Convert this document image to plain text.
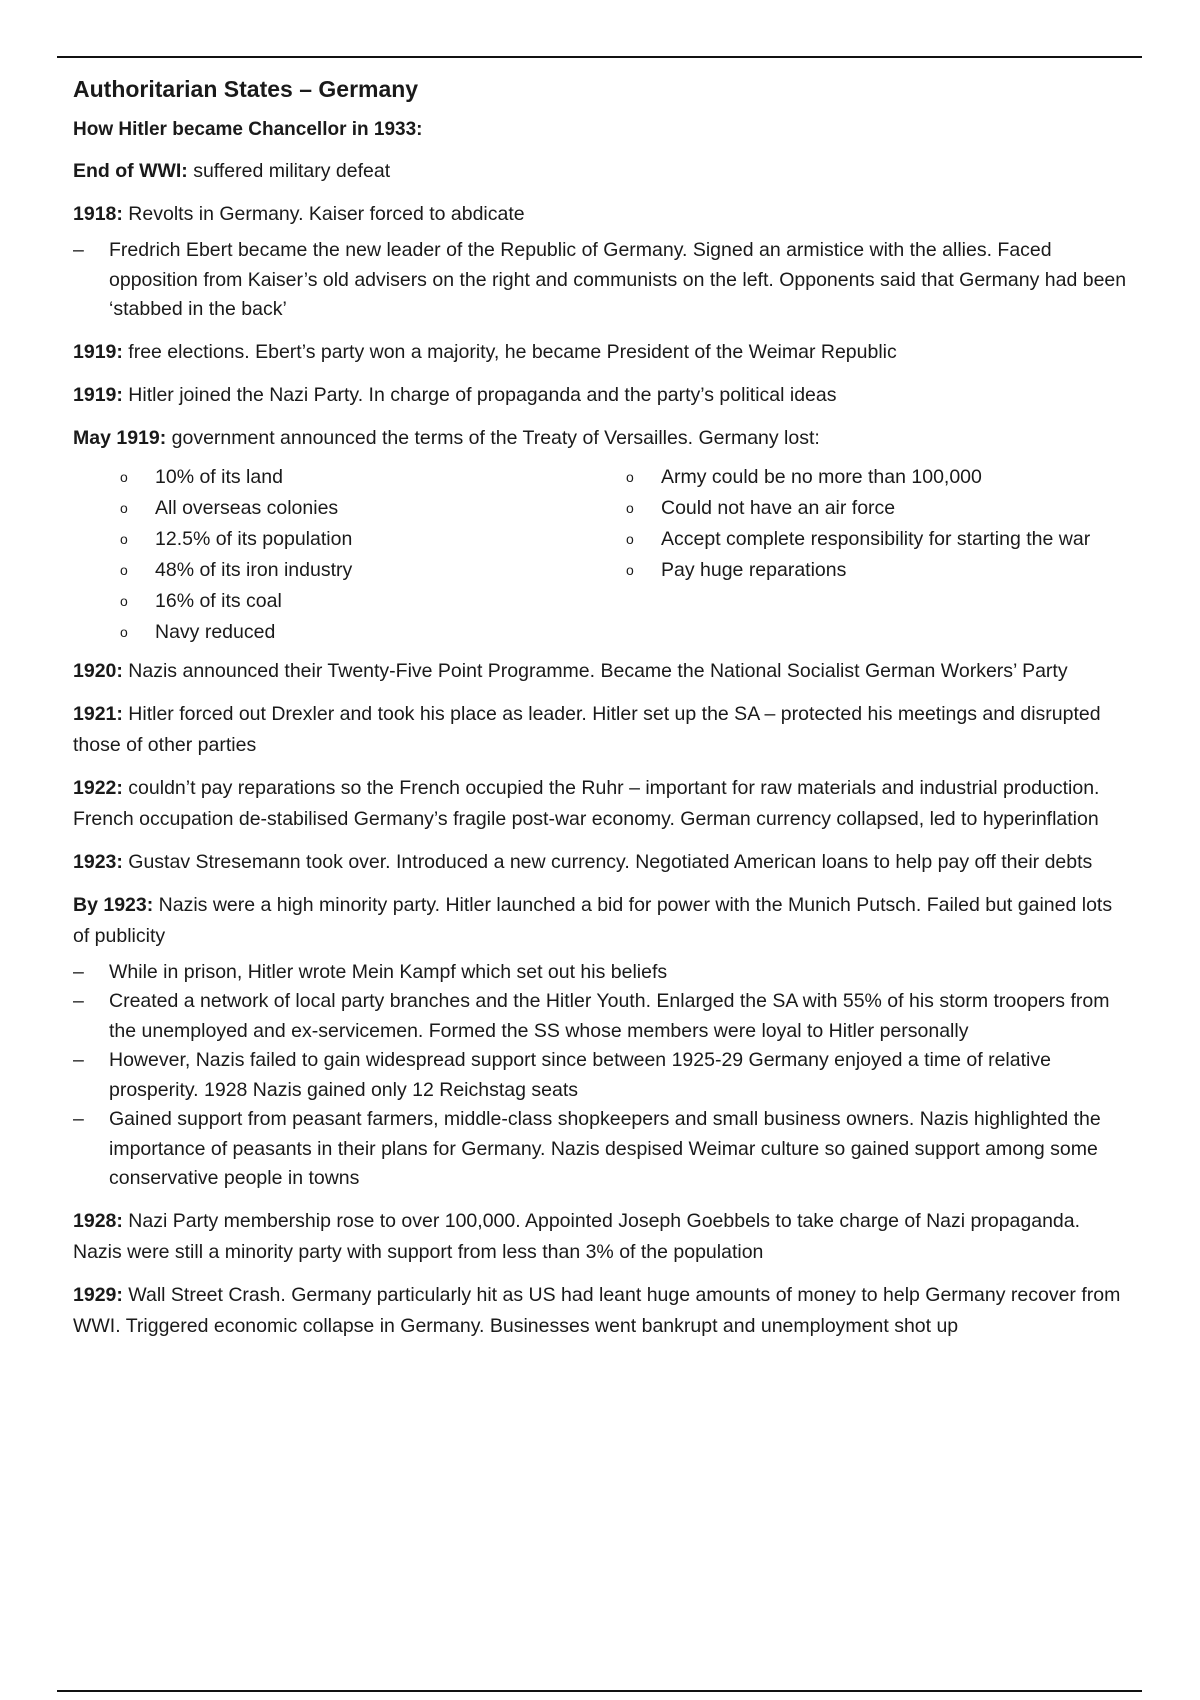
Authoritarian States – Germany
How Hitler became Chancellor in 1933:

End of WWI: suffered military defeat

1918: Revolts in Germany. Kaiser forced to abdicate

–	Fredrich Ebert became the new leader of the Republic of Germany. Signed an armistice with the allies. Faced opposition from Kaiser’s old advisers on the right and communists on the left. Opponents said that Germany had been ‘stabbed in the back’

1919: free elections. Ebert’s party won a majority, he became President of the Weimar Republic

1919: Hitler joined the Nazi Party. In charge of propaganda and the party’s political ideas

May 1919: government announced the terms of the Treaty of Versailles. Germany lost:

o 10% of its land
o All overseas colonies
o 12.5% of its population
o 48% of its iron industry
o 16% of its coal
o Navy reduced
o Army could be no more than 100,000
o Could not have an air force
o Accept complete responsibility for starting the war
o Pay huge reparations

1920: Nazis announced their Twenty-Five Point Programme. Became the National Socialist German Workers’ Party

1921: Hitler forced out Drexler and took his place as leader. Hitler set up the SA – protected his meetings and disrupted those of other parties

1922: couldn’t pay reparations so the French occupied the Ruhr – important for raw materials and industrial production. French occupation de-stabilised Germany’s fragile post-war economy. German currency collapsed, led to hyperinflation

1923: Gustav Stresemann took over. Introduced a new currency. Negotiated American loans to help pay off their debts

By 1923: Nazis were a high minority party. Hitler launched a bid for power with the Munich Putsch. Failed but gained lots of publicity

–	While in prison, Hitler wrote Mein Kampf which set out his beliefs
–	Created a network of local party branches and the Hitler Youth. Enlarged the SA with 55% of his storm troopers from the unemployed and ex-servicemen. Formed the SS whose members were loyal to Hitler personally
–	However, Nazis failed to gain widespread support since between 1925-29 Germany enjoyed a time of relative prosperity. 1928 Nazis gained only 12 Reichstag seats
–	Gained support from peasant farmers, middle-class shopkeepers and small business owners. Nazis highlighted the importance of peasants in their plans for Germany. Nazis despised Weimar culture so gained support among some conservative people in towns

1928: Nazi Party membership rose to over 100,000. Appointed Joseph Goebbels to take charge of Nazi propaganda. Nazis were still a minority party with support from less than 3% of the population

1929: Wall Street Crash. Germany particularly hit as US had leant huge amounts of money to help Germany recover from WWI. Triggered economic collapse in Germany. Businesses went bankrupt and unemployment shot up
